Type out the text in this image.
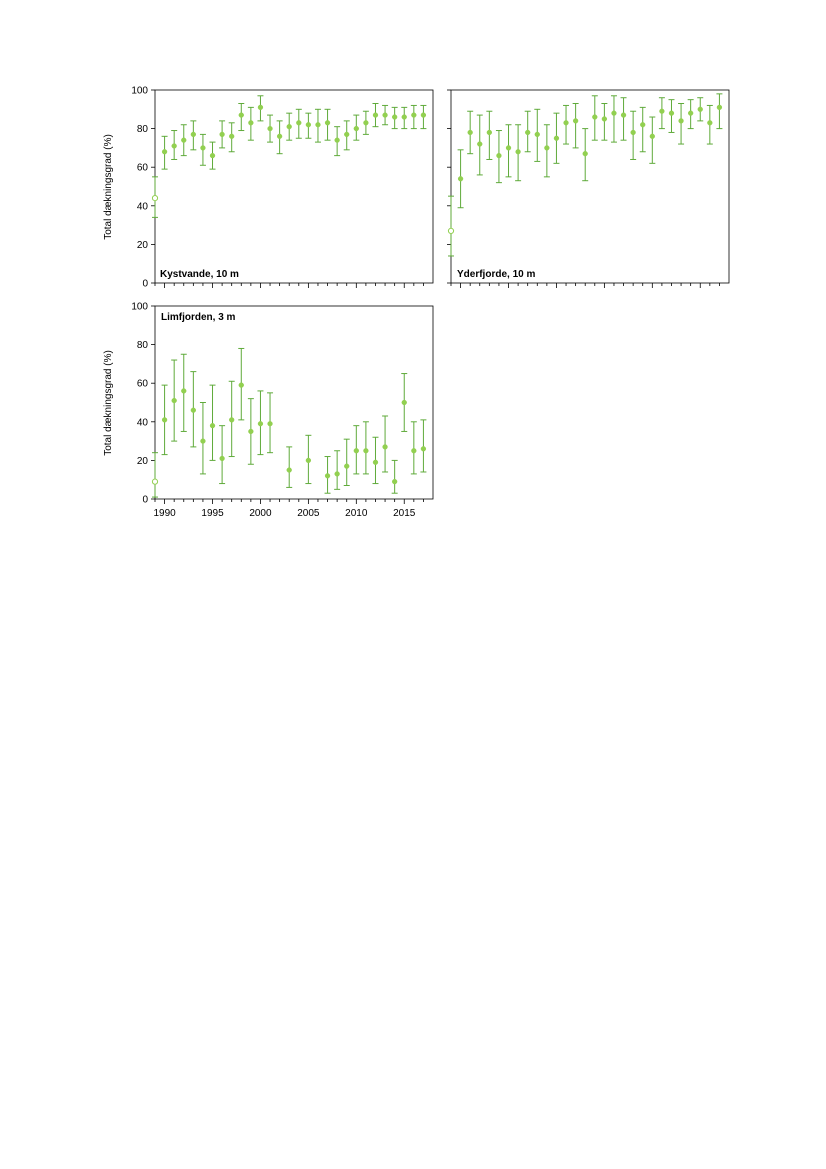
Total dækningsgrad (%)
0
20
40
60
80
100
Kystvande, 10 m	Yderfjorde, 10 m
Total dækningsgrad (%)
0
20
40
60
80
100
1990	1995	2000	2005	2010	2015
Limfjorden, 3 m
